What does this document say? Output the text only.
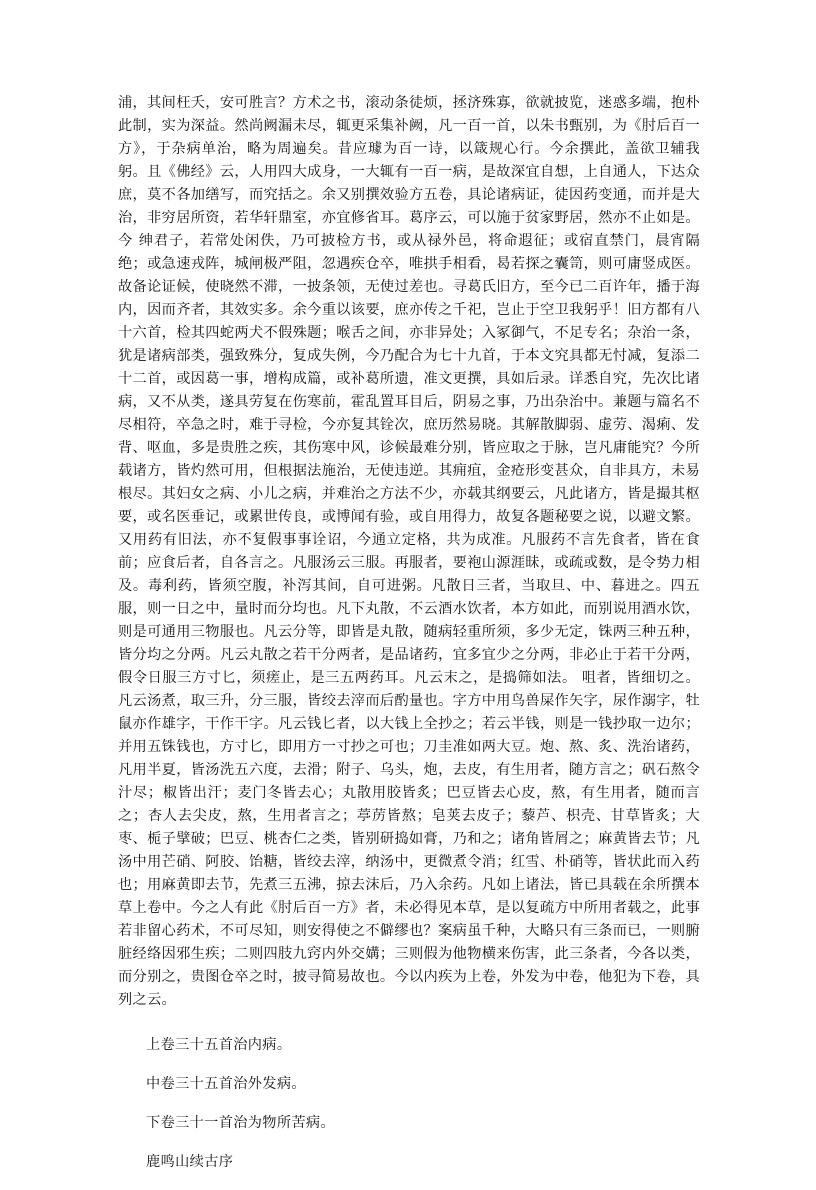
浦，其间枉夭，安可胜言？方术之书，滚动条徒烦，拯济殊寡，欲就披览，迷惑多端，抱朴此制，实为深益。然尚阙漏未尽，辄更采集补阙，凡一百一首，以朱书甄别，为《肘后百一方》，于杂病单治，略为周遍矣。昔应璩为百一诗，以箴规心行。今余撰此，盖欲卫辅我躬。且《佛经》云，人用四大成身，一大辄有一百一病，是故深宜自想，上自通人，下达众庶，莫不各加缮写，而究括之。余又别撰效验方五卷，具论诸病证，徒因药变通，而并是大治，非穷居所资，若华轩鼎室，亦宜修省耳。葛序云，可以施于贫家野居，然亦不止如是。今 绅君子，若常处闲佚，乃可披检方书，或从禄外邑，将命遐征；或宿直禁门，晨宵隔绝；或急速戎阵，城闸极严阻，忽遇疾仓卒，唯拱手相看，曷若探之囊笥，则可庸竖成医。故备论证候，使晓然不滞，一披条领，无使过差也。寻葛氏旧方，至今已二百许年，播于海内，因而齐者，其效实多。余今重以该要，庶亦传之千祀，岂止于空卫我躬乎！旧方都有八十六首，检其四蛇两犬不假殊题；喉舌之间，亦非异处；入冢御气，不足专名；杂治一条，犹是诸病部类，强致殊分，复成失例，今乃配合为七十九首，于本文究具都无忖减，复添二十二首，或因葛一事，增构成篇，或补葛所遗，准文更撰，具如后录。详悉自究，先次比诸病，又不从类，遂具劳复在伤寒前，霍乱置耳目后，阴易之事，乃出杂治中。兼题与篇名不尽相符，卒急之时，难于寻检，今亦复其铨次，庶历然易晓。其解散脚弱、虚劳、渴痢、发背、呕血，多是贵胜之疾，其伤寒中风，诊候最难分别，皆应取之于脉，岂凡庸能究？今所载诸方，皆灼然可用，但根据法施治，无使违逆。其痈疽，金疮形变甚众，自非具方，未易根尽。其妇女之病、小儿之病，并难治之方法不少，亦载其纲要云，凡此诸方，皆是撮其枢要，或名医垂记，或累世传良，或博闻有验，或自用得力，故复各题秘要之说，以避文繁。又用药有旧法，亦不复假事事诠诏，今通立定格，共为成准。凡服药不言先食者，皆在食前；应食后者，自各言之。凡服汤云三服。再服者，要袍山源涯昧，或疏或数，是令势力相及。毒利药，皆须空腹，补泻其间，自可进粥。凡散日三者，当取旦、中、暮进之。四五服，则一日之中，量时而分均也。凡下丸散，不云酒水饮者，本方如此，而别说用酒水饮，则是可通用三物服也。凡云分等，即皆是丸散，随病轻重所须，多少无定，铢两三种五种，皆分均之分两。凡云丸散之若干分两者，是品诸药，宜多宜少之分两，非必止于若干分两，假令日服三方寸匕，须瘥止，是三五两药耳。凡云末之，是捣筛如法。 咀者，皆细切之。凡云汤煮，取三升，分三服，皆绞去滓而后酌量也。字方中用鸟兽屎作矢字，尿作溺字，牡鼠亦作雄字，干作干字。凡云钱匕者，以大钱上全抄之；若云半钱，则是一钱抄取一边尔；并用五铢钱也，方寸匕，即用方一寸抄之可也；刀圭准如两大豆。炮、熬、炙、洗治诸药，凡用半夏，皆汤洗五六度，去滑；附子、乌头，炮，去皮，有生用者，随方言之；矾石熬令汁尽；椒皆出汗；麦门冬皆去心；丸散用胶皆炙；巴豆皆去心皮，熬，有生用者，随而言之；杏人去尖皮，熬，生用者言之；葶苈皆熬；皂荚去皮子；藜芦、枳壳、甘草皆炙；大枣、栀子擘破；巴豆、桃杏仁之类，皆别研捣如膏，乃和之；诸角皆屑之；麻黄皆去节；凡汤中用芒硝、阿胶、饴糖，皆绞去滓，纳汤中，更微煮令消；红雪、朴硝等，皆状此而入药也；用麻黄即去节，先煮三五沸，掠去沫后，乃入余药。凡如上诸法，皆已具载在余所撰本草上卷中。今之人有此《肘后百一方》者，未必得见本草，是以复疏方中所用者载之，此事若非留心药术，不可尽知，则安得使之不僻缪也？案病虽千种，大略只有三条而已，一则腑脏经络因邪生疾；二则四肢九窍内外交媾；三则假为他物横来伤害，此三条者，今各以类，而分别之，贵图仓卒之时，披寻简易故也。今以内疾为上卷，外发为中卷，他犯为下卷，具列之云。

上卷三十五首治内病。

中卷三十五首治外发病。

下卷三十一首治为物所苦病。

鹿鸣山续古序
